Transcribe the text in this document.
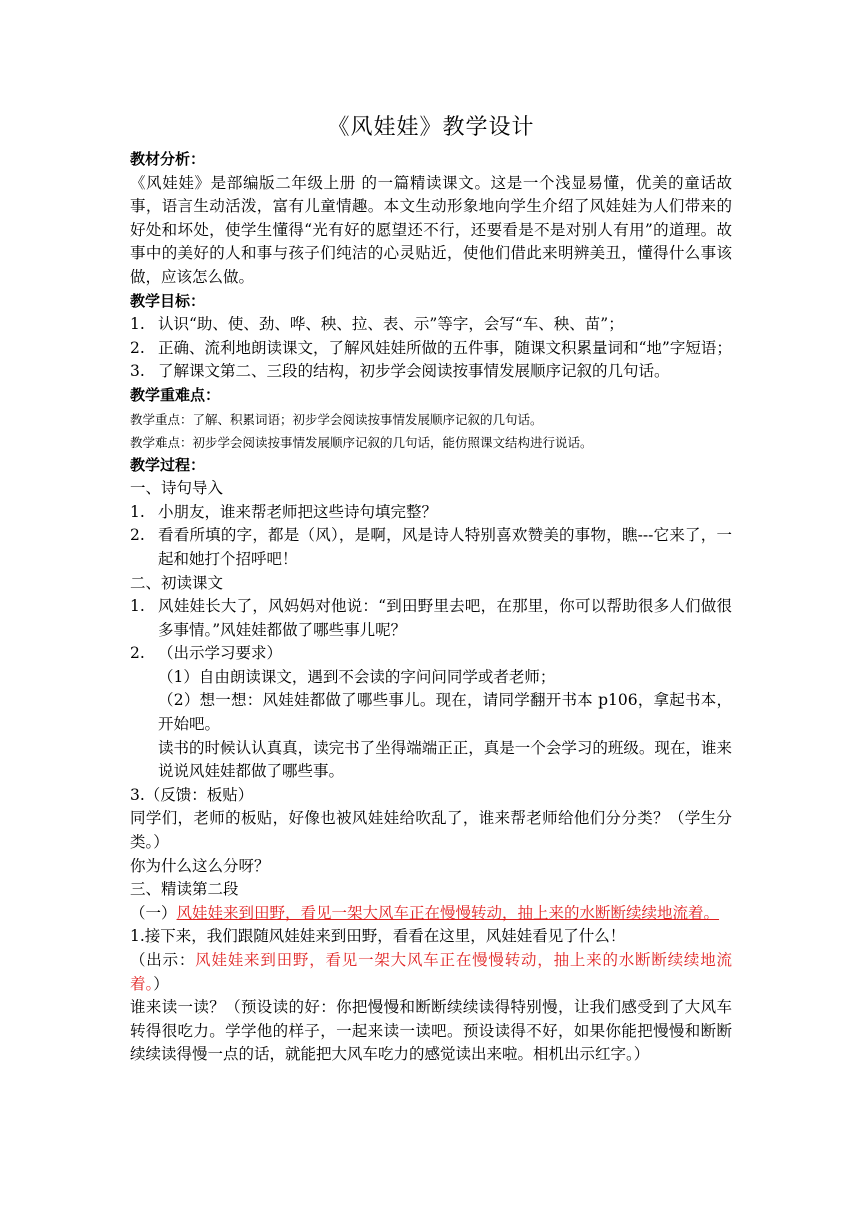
《风娃娃》教学设计

教材分析：

《风娃娃》是部编版二年级上册 的一篇精读课文。这是一个浅显易懂，优美的童话故事，语言生动活泼，富有儿童情趣。本文生动形象地向学生介绍了风娃娃为人们带来的好处和坏处，使学生懂得“光有好的愿望还不行，还要看是不是对别人有用”的道理。故事中的美好的人和事与孩子们纯洁的心灵贴近，使他们借此来明辨美丑，懂得什么事该做，应该怎么做。

教学目标：

1. 认识“助、使、劲、哗、秧、拉、表、示”等字，会写“车、秧、苗”；
2. 正确、流利地朗读课文，了解风娃娃所做的五件事，随课文积累量词和“地”字短语；
3. 了解课文第二、三段的结构，初步学会阅读按事情发展顺序记叙的几句话。

教学重难点：

教学重点：了解、积累词语；初步学会阅读按事情发展顺序记叙的几句话。

教学难点：初步学会阅读按事情发展顺序记叙的几句话，能仿照课文结构进行说话。

教学过程：

一、诗句导入

1. 小朋友，谁来帮老师把这些诗句填完整？
2. 看看所填的字，都是（风），是啊，风是诗人特别喜欢赞美的事物，瞧---它来了，一起和她打个招呼吧！

二、初读课文

1. 风娃娃长大了，风妈妈对他说：“到田野里去吧，在那里，你可以帮助很多人们做很多事情。”风娃娃都做了哪些事儿呢？
2. （出示学习要求）

（1）自由朗读课文，遇到不会读的字问问同学或者老师；

（2）想一想：风娃娃都做了哪些事儿。现在，请同学翻开书本 p106，拿起书本，开始吧。

读书的时候认认真真，读完书了坐得端端正正，真是一个会学习的班级。现在，谁来说说风娃娃都做了哪些事。

3.（反馈：板贴）

同学们，老师的板贴，好像也被风娃娃给吹乱了，谁来帮老师给他们分分类？（学生分类。）

你为什么这么分呀？

三、精读第二段

（一）风娃娃来到田野，看见一架大风车正在慢慢转动，抽上来的水断断续续地流着。

1.接下来，我们跟随风娃娃来到田野，看看在这里，风娃娃看见了什么！

（出示：风娃娃来到田野，看见一架大风车正在慢慢转动，抽上来的水断断续续地流着。）

谁来读一读？（预设读的好：你把慢慢和断断续续读得特别慢，让我们感受到了大风车转得很吃力。学学他的样子，一起来读一读吧。预设读得不好，如果你能把慢慢和断断续续读得慢一点的话，就能把大风车吃力的感觉读出来啦。相机出示红字。）
